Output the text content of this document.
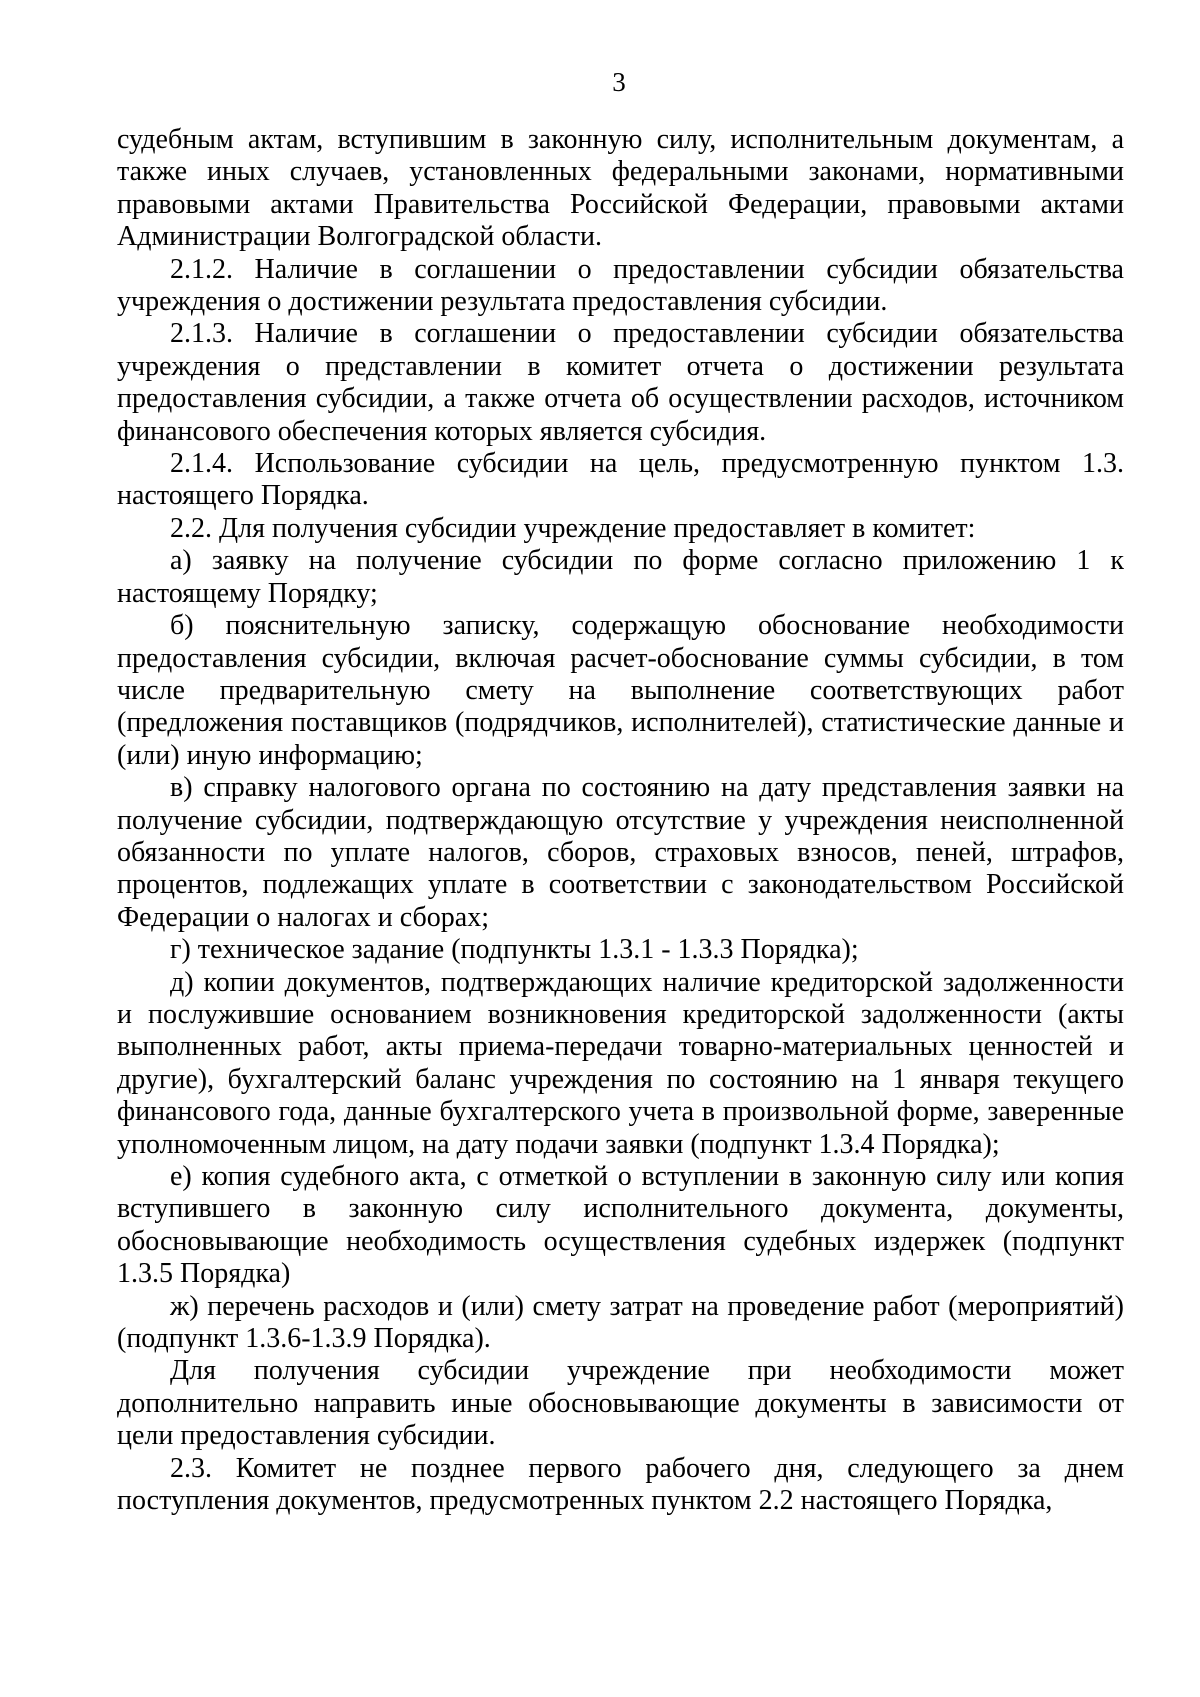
3

судебным актам, вступившим в законную силу, исполнительным документам, а также иных случаев, установленных федеральными законами, нормативными правовыми актами Правительства Российской Федерации, правовыми актами Администрации Волгоградской области.

2.1.2. Наличие в соглашении о предоставлении субсидии обязательства учреждения о достижении результата предоставления субсидии.

2.1.3. Наличие в соглашении о предоставлении субсидии обязательства учреждения о представлении в комитет отчета о достижении результата предоставления субсидии, а также отчета об осуществлении расходов, источником финансового обеспечения которых является субсидия.

2.1.4. Использование субсидии на цель, предусмотренную пунктом 1.3. настоящего Порядка.

2.2. Для получения субсидии учреждение предоставляет в комитет:

а) заявку на получение субсидии по форме согласно приложению 1 к настоящему Порядку;

б) пояснительную записку, содержащую обоснование необходимости предоставления субсидии, включая расчет-обоснование суммы субсидии, в том числе предварительную смету на выполнение соответствующих работ (предложения поставщиков (подрядчиков, исполнителей), статистические данные и (или) иную информацию;

в) справку налогового органа по состоянию на дату представления заявки на получение субсидии, подтверждающую отсутствие у учреждения неисполненной обязанности по уплате налогов, сборов, страховых взносов, пеней, штрафов, процентов, подлежащих уплате в соответствии с законодательством Российской Федерации о налогах и сборах;

г) техническое задание (подпункты 1.3.1 - 1.3.3 Порядка);

д) копии документов, подтверждающих наличие кредиторской задолженности и послужившие основанием возникновения кредиторской задолженности (акты выполненных работ, акты приема-передачи товарно-материальных ценностей и другие), бухгалтерский баланс учреждения по состоянию на 1 января текущего финансового года, данные бухгалтерского учета в произвольной форме, заверенные уполномоченным лицом, на дату подачи заявки (подпункт 1.3.4 Порядка);

е) копия судебного акта, с отметкой о вступлении в законную силу или копия вступившего в законную силу исполнительного документа, документы, обосновывающие необходимость осуществления судебных издержек (подпункт 1.3.5 Порядка)

ж) перечень расходов и (или) смету затрат на проведение работ (мероприятий) (подпункт 1.3.6-1.3.9 Порядка).

Для получения субсидии учреждение при необходимости может дополнительно направить иные обосновывающие документы в зависимости от цели предоставления субсидии.

2.3. Комитет не позднее первого рабочего дня, следующего за днем поступления документов, предусмотренных пунктом 2.2 настоящего Порядка,
